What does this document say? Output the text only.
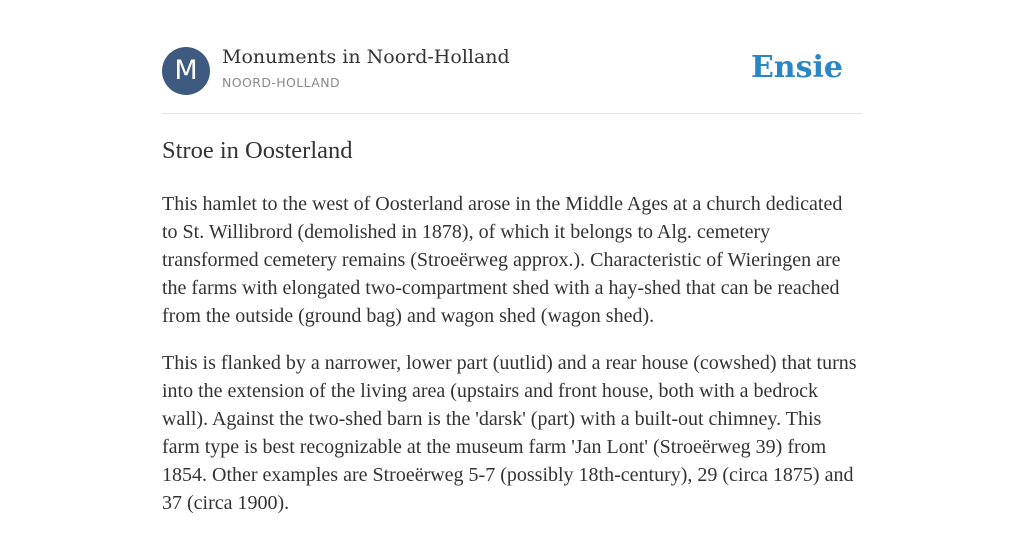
M	Monuments in Noord-Holland
NOORD-HOLLAND	Ensie
Stroe in Oosterland

This hamlet to the west of Oosterland arose in the Middle Ages at a church dedicated to St. Willibrord (demolished in 1878), of which it belongs to Alg. cemetery transformed cemetery remains (Stroeërweg approx.). Characteristic of Wieringen are the farms with elongated two-compartment shed with a hay-shed that can be reached from the outside (ground bag) and wagon shed (wagon shed).

This is flanked by a narrower, lower part (uutlid) and a rear house (cowshed) that turns into the extension of the living area (upstairs and front house, both with a bedrock wall). Against the two-shed barn is the 'darsk' (part) with a built-out chimney. This farm type is best recognizable at the museum farm 'Jan Lont' (Stroeërweg 39) from 1854. Other examples are Stroeërweg 5-7 (possibly 18th-century), 29 (circa 1875) and 37 (circa 1900).
